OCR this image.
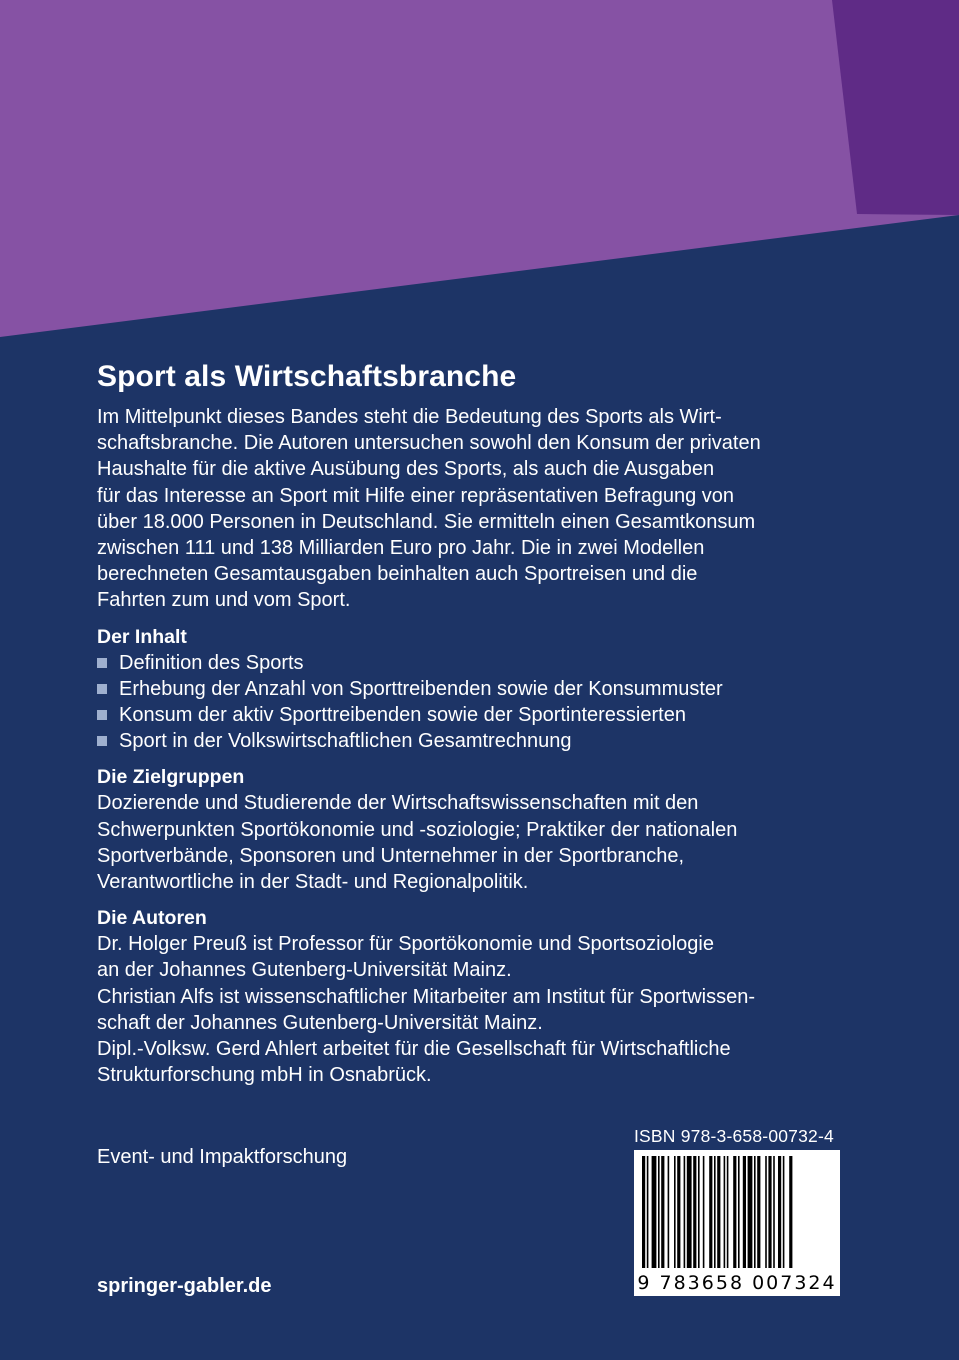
Sport als Wirtschaftsbranche
Im Mittelpunkt dieses Bandes steht die Bedeutung des Sports als Wirt-
schaftsbranche. Die Autoren untersuchen sowohl den Konsum der privaten
Haushalte für die aktive Ausübung des Sports, als auch die Ausgaben
für das Interesse an Sport mit Hilfe einer repräsentativen Befragung von
über 18.000 Personen in Deutschland. Sie ermitteln einen Gesamtkonsum
zwischen 111 und 138 Milliarden Euro pro Jahr. Die in zwei Modellen
berechneten Gesamtausgaben beinhalten auch Sportreisen und die
Fahrten zum und vom Sport.
Der Inhalt
Definition des Sports
Erhebung der Anzahl von Sporttreibenden sowie der Konsummuster
Konsum der aktiv Sporttreibenden sowie der Sportinteressierten
Sport in der Volkswirtschaftlichen Gesamtrechnung
Die Zielgruppen
Dozierende und Studierende der Wirtschaftswissenschaften mit den
Schwerpunkten Sportökonomie und -soziologie; Praktiker der nationalen
Sportverbände, Sponsoren und Unternehmer in der Sportbranche,
Verantwortliche in der Stadt- und Regionalpolitik.
Die Autoren
Dr. Holger Preuß ist Professor für Sportökonomie und Sportsoziologie
an der Johannes Gutenberg-Universität Mainz.
Christian Alfs ist wissenschaftlicher Mitarbeiter am Institut für Sportwissen-
schaft der Johannes Gutenberg-Universität Mainz.
Dipl.-Volksw. Gerd Ahlert arbeitet für die Gesellschaft für Wirtschaftliche
Strukturforschung mbH in Osnabrück.
Event- und Impaktforschung
springer-gabler.de
ISBN 978-3-658-00732-4
9 783658 007324
